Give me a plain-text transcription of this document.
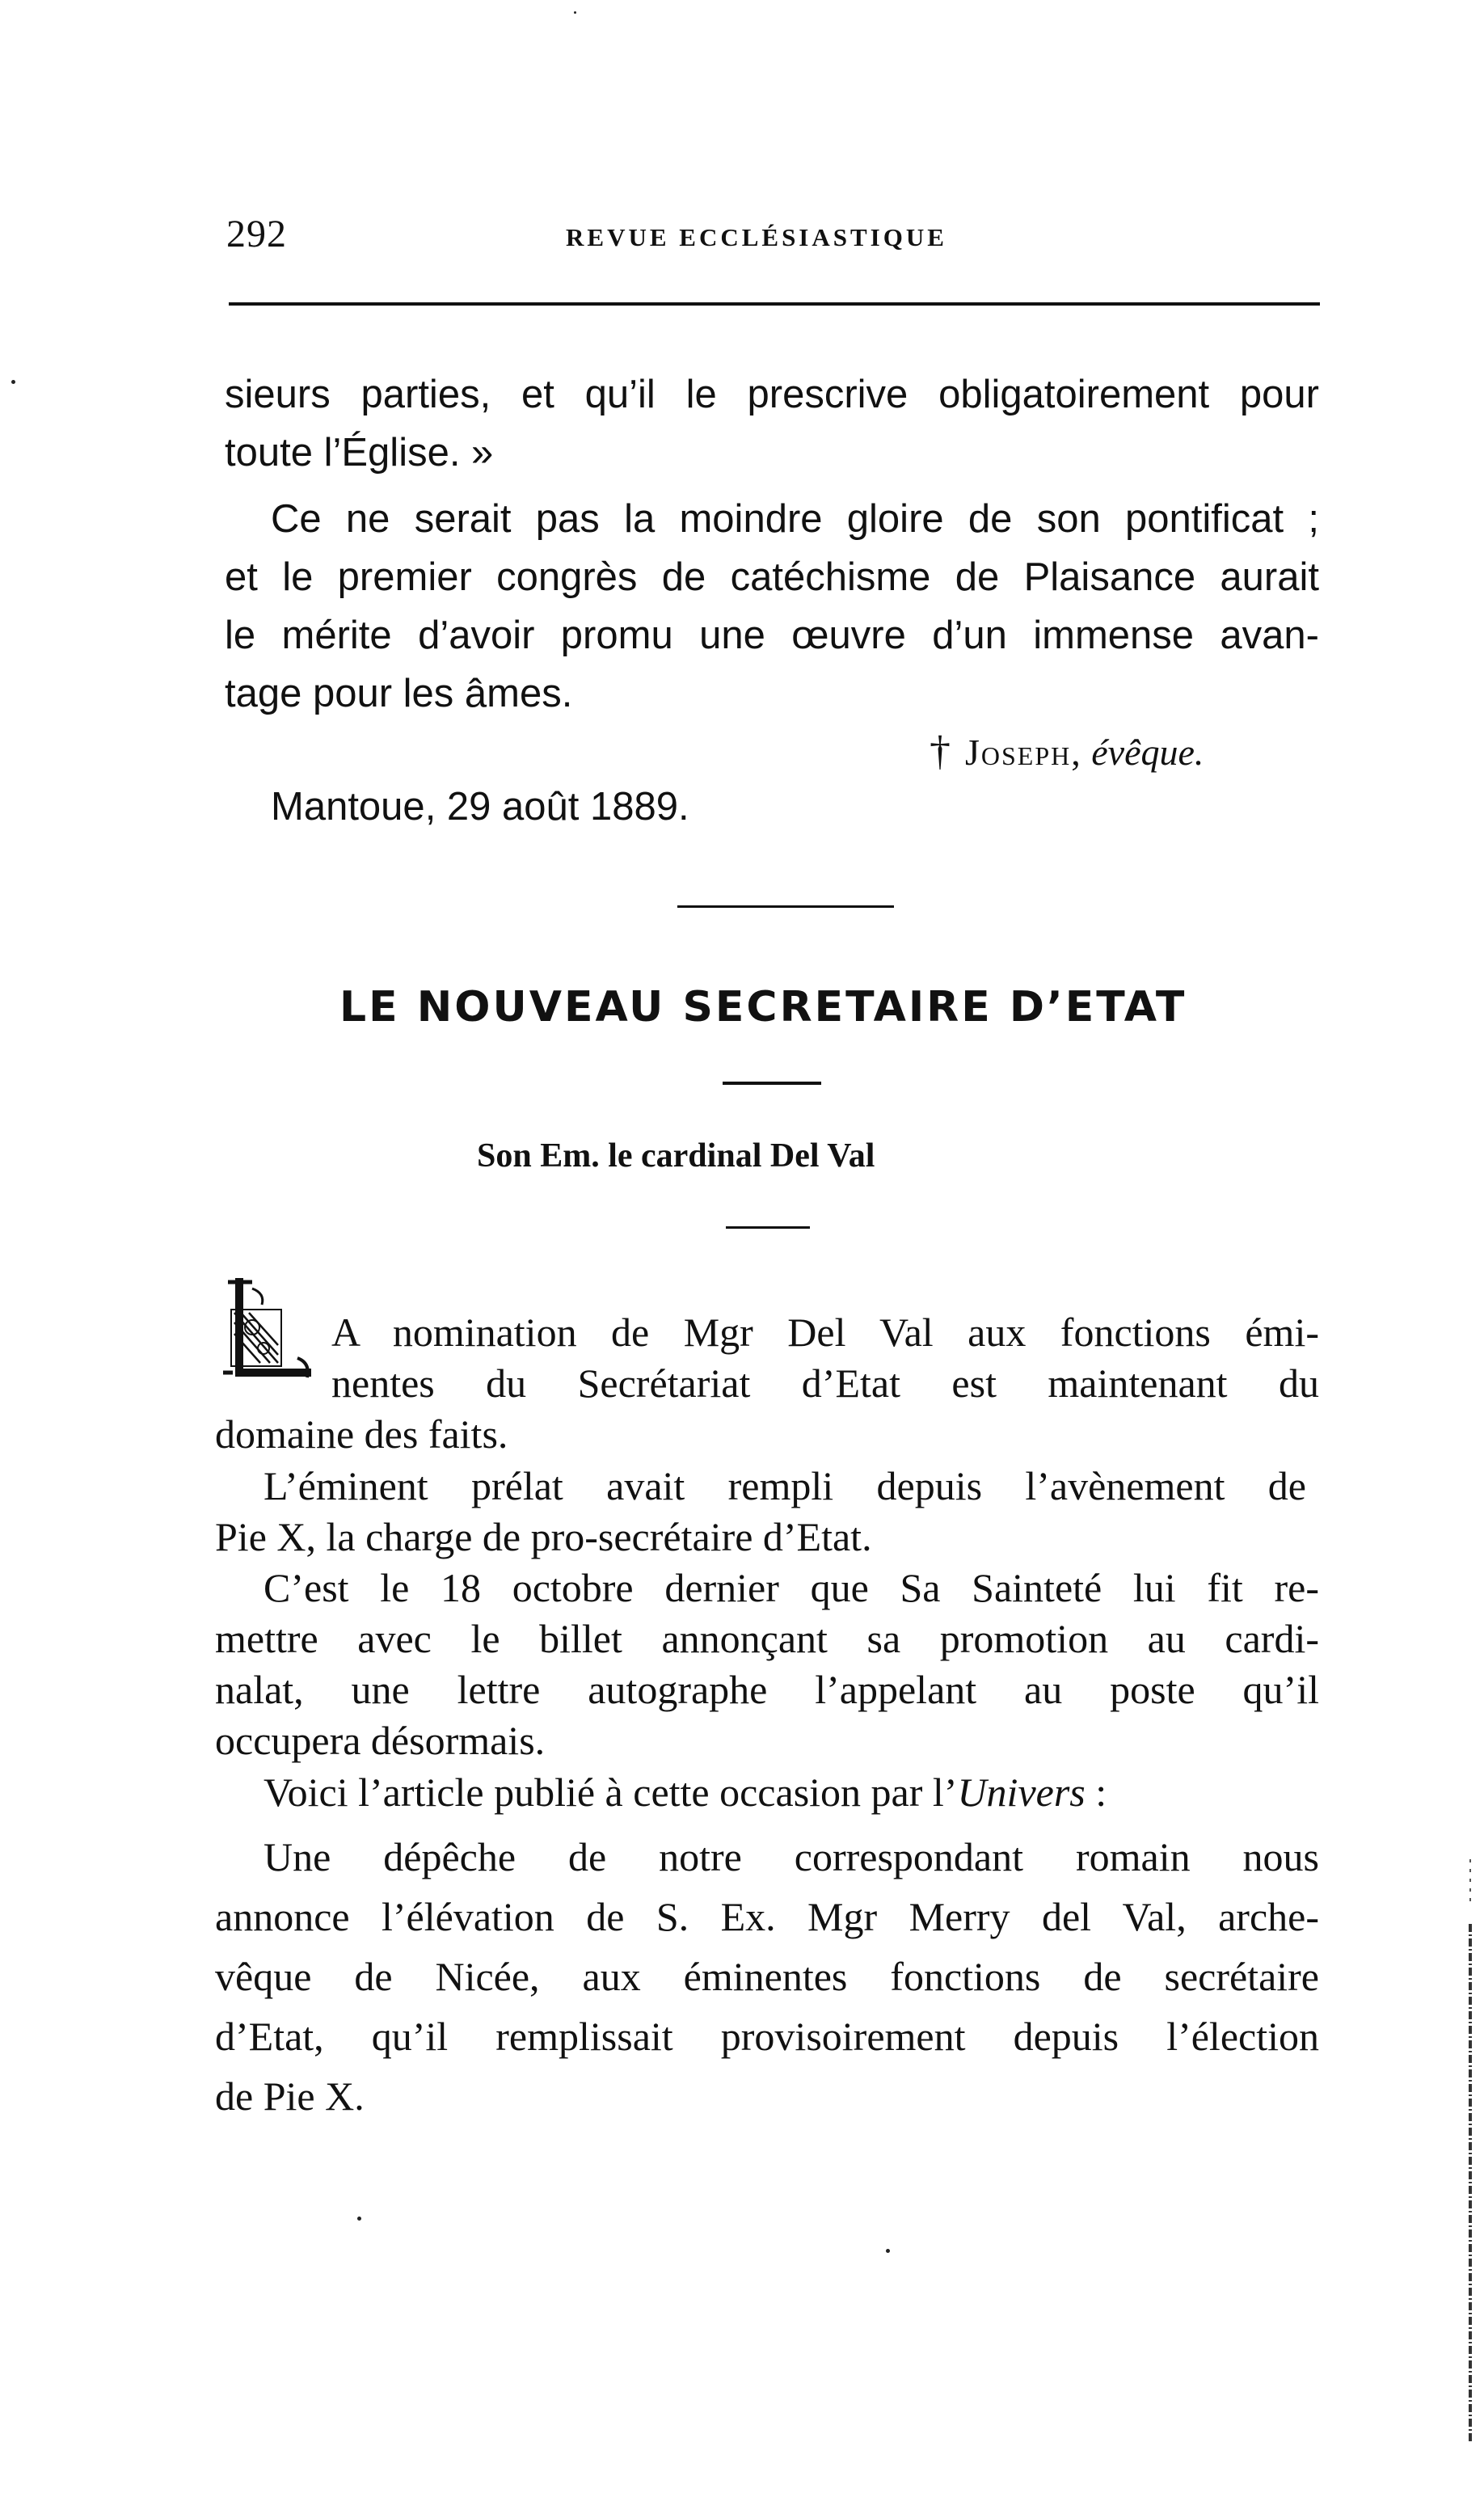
292	REVUE ECCLÉSIASTIQUE
sieurs parties, et qu’il le prescrive obligatoirement pour
toute l’Église. »
Ce ne serait pas la moindre gloire de son pontificat ;
et le premier congrès de catéchisme de Plaisance aurait
le mérite d’avoir promu une œuvre d’un immense avan-
tage pour les âmes.
† Joseph, évêque.
Mantoue, 29 août 1889.
LE NOUVEAU SECRETAIRE D’ETAT
Son Em. le cardinal Del Val
A nomination de Mgr Del Val aux fonctions émi-
nentes du Secrétariat d’Etat est maintenant du
domaine des faits.
L’éminent prélat avait rempli depuis l’avènement de
Pie X, la charge de pro-secrétaire d’Etat.
C’est le 18 octobre dernier que Sa Sainteté lui fit re-
mettre avec le billet annonçant sa promotion au cardi-
nalat, une lettre autographe l’appelant au poste qu’il
occupera désormais.
Voici l’article publié à cette occasion par l’Univers :
Une dépêche de notre correspondant romain nous
annonce l’élévation de S. Ex. Mgr Merry del Val, arche-
vêque de Nicée, aux éminentes fonctions de secrétaire
d’Etat, qu’il remplissait provisoirement depuis l’élection
de Pie X.
